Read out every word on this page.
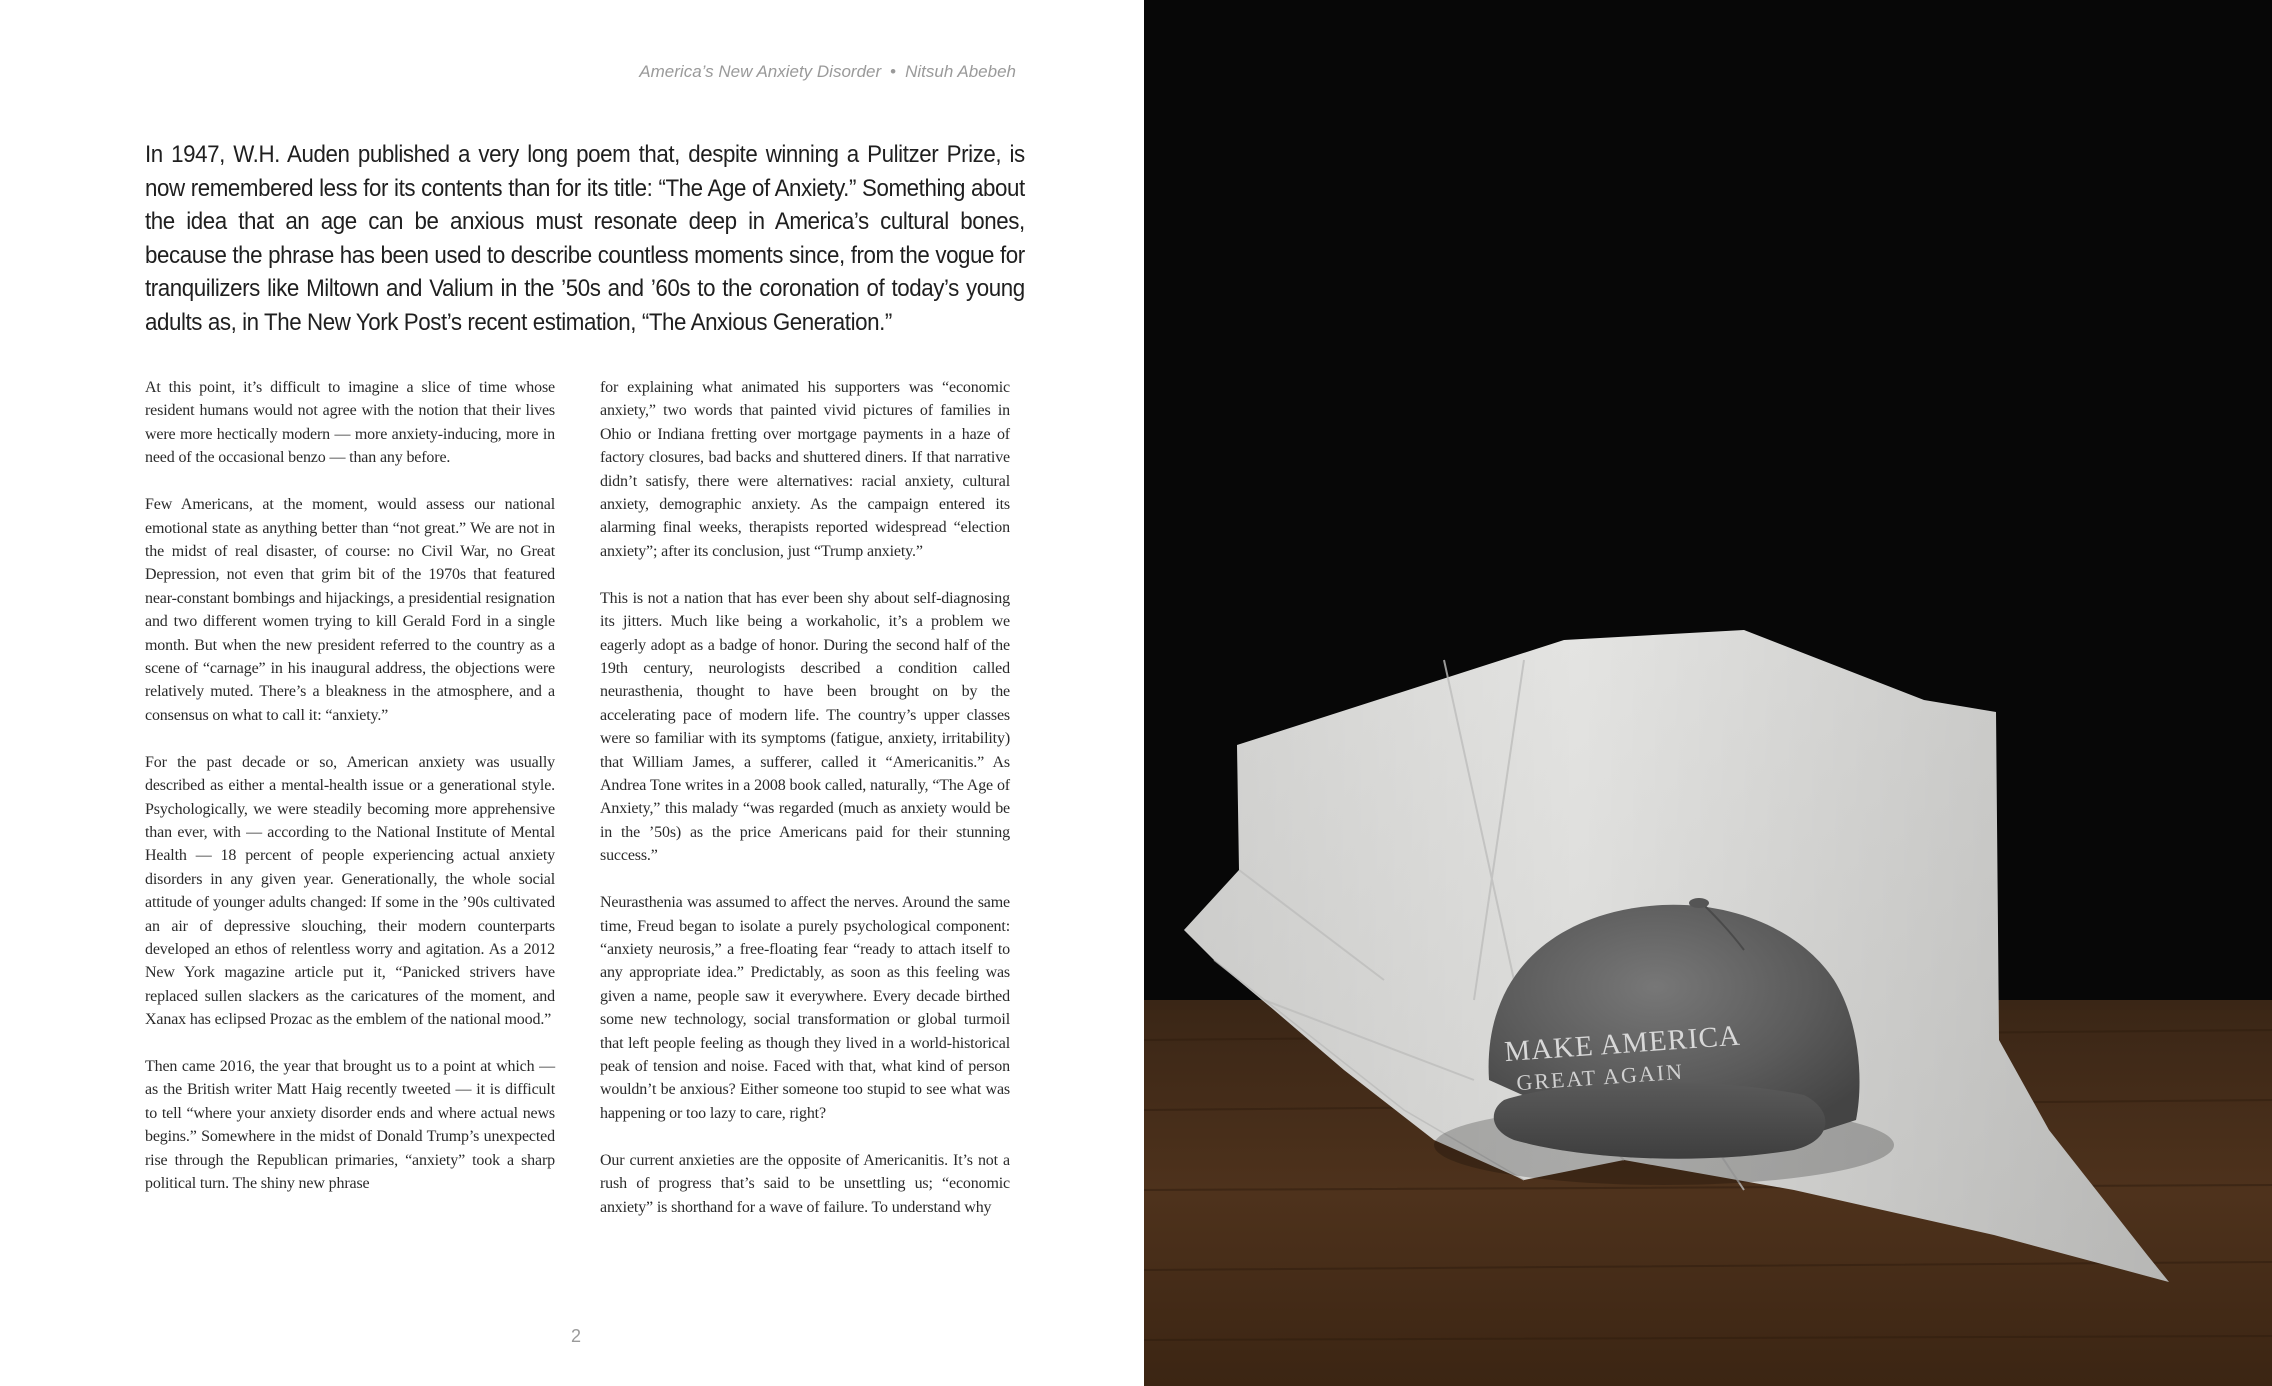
America’s New Anxiety Disorder • Nitsuh Abebeh
In 1947, W.H. Auden published a very long poem that, despite winning a Pulitzer Prize, is now remembered less for its contents than for its title: “The Age of Anxiety.” Something about the idea that an age can be anxious must resonate deep in America’s cultural bones, because the phrase has been used to describe countless moments since, from the vogue for tranquilizers like Miltown and Valium in the ’50s and ’60s to the coronation of today’s young adults as, in The New York Post’s recent estimation, “The Anxious Generation.”

At this point, it’s difficult to imagine a slice of time whose resident humans would not agree with the notion that their lives were more hectically modern — more anxiety-inducing, more in need of the occasional benzo — than any before.

Few Americans, at the moment, would assess our national emotional state as anything better than “not great.” We are not in the midst of real disaster, of course: no Civil War, no Great Depression, not even that grim bit of the 1970s that featured near-constant bombings and hijackings, a presidential resignation and two different women trying to kill Gerald Ford in a single month. But when the new president referred to the country as a scene of “carnage” in his inaugural address, the objections were relatively muted. There’s a bleakness in the atmosphere, and a consensus on what to call it: “anxiety.”

For the past decade or so, American anxiety was usually described as either a mental-health issue or a generational style. Psychologically, we were steadily becoming more apprehensive than ever, with — according to the National Institute of Mental Health — 18 percent of people experiencing actual anxiety disorders in any given year. Generationally, the whole social attitude of younger adults changed: If some in the ’90s cultivated an air of depressive slouching, their modern counterparts developed an ethos of relentless worry and agitation. As a 2012 New York magazine article put it, “Panicked strivers have replaced sullen slackers as the caricatures of the moment, and Xanax has eclipsed Prozac as the emblem of the national mood.”

Then came 2016, the year that brought us to a point at which — as the British writer Matt Haig recently tweeted — it is difficult to tell “where your anxiety disorder ends and where actual news begins.” Somewhere in the midst of Donald Trump’s unexpected rise through the Republican primaries, “anxiety” took a sharp political turn. The shiny new phrase

for explaining what animated his supporters was “economic anxiety,” two words that painted vivid pictures of families in Ohio or Indiana fretting over mortgage payments in a haze of factory closures, bad backs and shuttered diners. If that narrative didn’t satisfy, there were alternatives: racial anxiety, cultural anxiety, demographic anxiety. As the campaign entered its alarming final weeks, therapists reported widespread “election anxiety”; after its conclusion, just “Trump anxiety.”

This is not a nation that has ever been shy about self-diagnosing its jitters. Much like being a workaholic, it’s a problem we eagerly adopt as a badge of honor. During the second half of the 19th century, neurologists described a condition called neurasthenia, thought to have been brought on by the accelerating pace of modern life. The country’s upper classes were so familiar with its symptoms (fatigue, anxiety, irritability) that William James, a sufferer, called it “Americanitis.” As Andrea Tone writes in a 2008 book called, naturally, “The Age of Anxiety,” this malady “was regarded (much as anxiety would be in the ’50s) as the price Americans paid for their stunning success.”

Neurasthenia was assumed to affect the nerves. Around the same time, Freud began to isolate a purely psychological component: “anxiety neurosis,” a free-floating fear “ready to attach itself to any appropriate idea.” Predictably, as soon as this feeling was given a name, people saw it everywhere. Every decade birthed some new technology, social transformation or global turmoil that left people feeling as though they lived in a world-historical peak of tension and noise. Faced with that, what kind of person wouldn’t be anxious? Either someone too stupid to see what was happening or too lazy to care, right?

Our current anxieties are the opposite of Americanitis. It’s not a rush of progress that’s said to be unsettling us; “economic anxiety” is shorthand for a wave of failure. To understand why

2
MAKE AMERICA
GREAT AGAIN
